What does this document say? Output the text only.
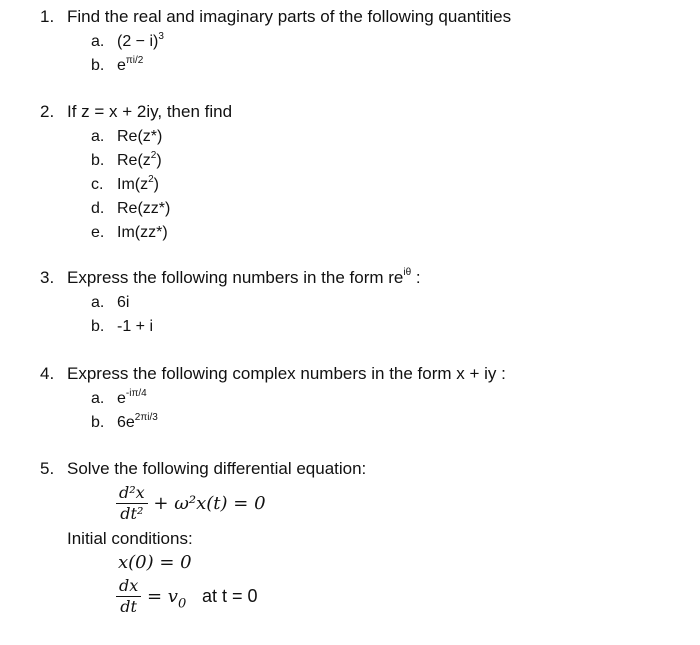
1. Find the real and imaginary parts of the following quantities
a. $(2 - i)^3$
b. $e^{\pi i/2}$
2. If z = x + 2iy, then find
a. Re(z*)
b. $Re(z^2)$
c. $Im(z^2)$
d. Re(zz*)
e. Im(zz*)
3. Express the following numbers in the form $re^{i\theta}$ :
a. 6i
b. -1 + i
4. Express the following complex numbers in the form x + iy :
a. $e^{-i\pi/4}$
b. $6e^{2\pi i/3}$
5. Solve the following differential equation:
$\frac{\text{d²x}}{\text{dt²}} + \omega^2x(t) = 0$
Initial conditions:
x(0) = 0
$\frac{dx}{dt} = v_0$ at t = 0
